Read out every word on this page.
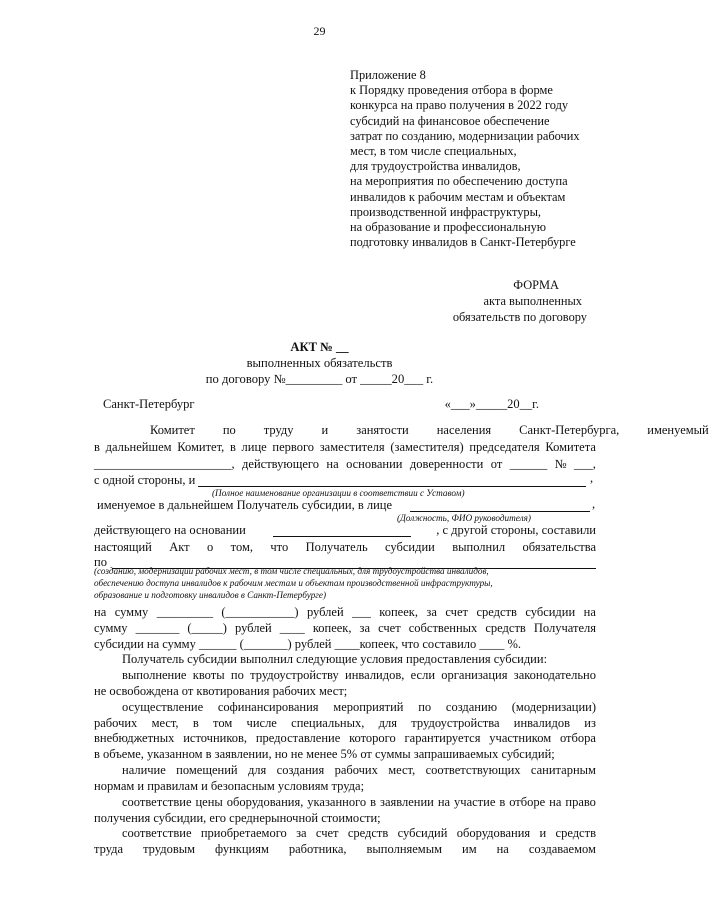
29
Приложение 8
к Порядку проведения отбора в форме
конкурса на право получения в 2022 году
субсидий на финансовое обеспечение
затрат по созданию, модернизации рабочих
мест, в том числе специальных,
для трудоустройства инвалидов,
на мероприятия по обеспечению доступа
инвалидов к рабочим местам и объектам
производственной инфраструктуры,
на образование и профессиональную
подготовку инвалидов в Санкт-Петербурге
ФОРМА
акта выполненных
обязательств по договору
АКТ № __
выполненных обязательств
по договору №_________ от _____20___ г.
Санкт-Петербург	«___»_____20__г.
Комитет	по	труду	и	занятости	населения	Санкт-Петербурга,	именуемый
в дальнейшем Комитет, в лице первого заместителя (заместителя) председателя Комитета
______________________, действующего на основании доверенности от ______ № ___,
с одной стороны, и	,
(Полное наименование организации в соответствии с Уставом)
именуемое в дальнейшем Получатель субсидии, в лице	,
(Должность, ФИО руководителя)
действующего на основании	, с другой стороны, составили
настоящий Акт о том, что Получатель субсидии выполнил обязательства
по
(созданию, модернизации рабочих мест, в том числе специальных, для трудоустройства инвалидов,
обеспечению доступа инвалидов к рабочим местам и объектам производственной инфраструктуры,
образование и подготовку инвалидов в Санкт-Петербурге)
на сумму _________ (___________) рублей ___ копеек, за счет средств субсидии на
сумму _______ (_____) рублей ____ копеек, за счет собственных средств Получателя
субсидии на сумму ______ (_______) рублей ____копеек, что составило ____ %.
Получатель субсидии выполнил следующие условия предоставления субсидии:
выполнение квоты по трудоустройству инвалидов, если организация законодательно
не освобождена от квотирования рабочих мест;
осуществление софинансирования мероприятий по созданию (модернизации)
рабочих мест, в том числе специальных, для трудоустройства инвалидов из
внебюджетных источников, предоставление которого гарантируется участником отбора
в объеме, указанном в заявлении, но не менее 5% от суммы запрашиваемых субсидий;
наличие помещений для создания рабочих мест, соответствующих санитарным
нормам и правилам и безопасным условиям труда;
соответствие цены оборудования, указанного в заявлении на участие в отборе на право
получения субсидии, его среднерыночной стоимости;
соответствие приобретаемого за счет средств субсидий оборудования и средств
труда трудовым функциям работника, выполняемым им на создаваемом
